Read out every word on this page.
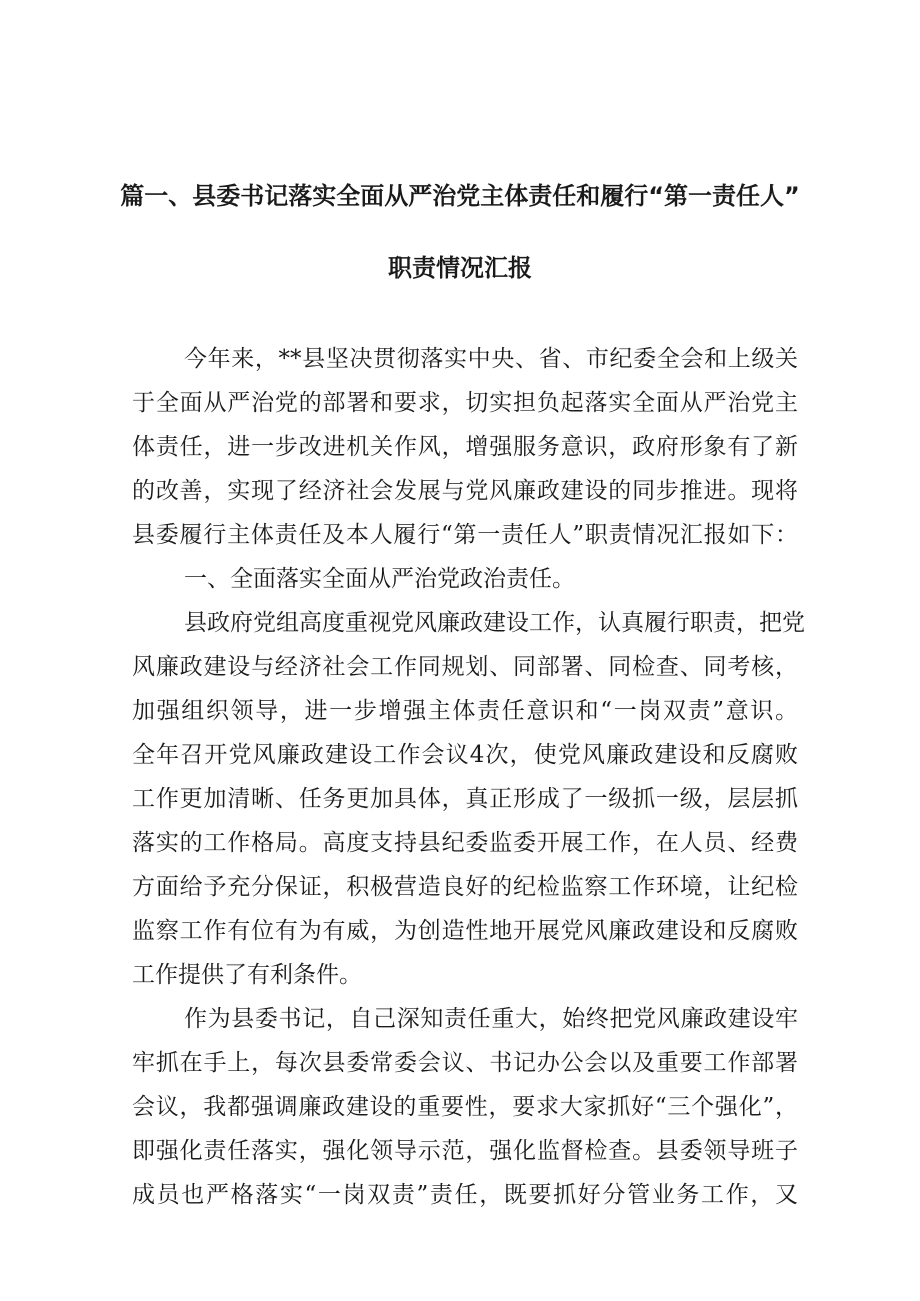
篇一、县委书记落实全面从严治党主体责任和履行“第一责任人”
职责情况汇报
今年来，**县坚决贯彻落实中央、省、市纪委全会和上级关
于全面从严治党的部署和要求，切实担负起落实全面从严治党主
体责任，进一步改进机关作风，增强服务意识，政府形象有了新
的改善，实现了经济社会发展与党风廉政建设的同步推进。现将
县委履行主体责任及本人履行“第一责任人”职责情况汇报如下：
一、全面落实全面从严治党政治责任。
县政府党组高度重视党风廉政建设工作，认真履行职责，把党
风廉政建设与经济社会工作同规划、同部署、同检查、同考核，
加强组织领导，进一步增强主体责任意识和“一岗双责”意识。
全年召开党风廉政建设工作会议4次，使党风廉政建设和反腐败
工作更加清晰、任务更加具体，真正形成了一级抓一级，层层抓
落实的工作格局。高度支持县纪委监委开展工作，在人员、经费
方面给予充分保证，积极营造良好的纪检监察工作环境，让纪检
监察工作有位有为有威，为创造性地开展党风廉政建设和反腐败
工作提供了有利条件。
作为县委书记，自己深知责任重大，始终把党风廉政建设牢
牢抓在手上，每次县委常委会议、书记办公会以及重要工作部署
会议，我都强调廉政建设的重要性，要求大家抓好“三个强化”，
即强化责任落实，强化领导示范，强化监督检查。县委领导班子
成员也严格落实“一岗双责”责任，既要抓好分管业务工作，又
